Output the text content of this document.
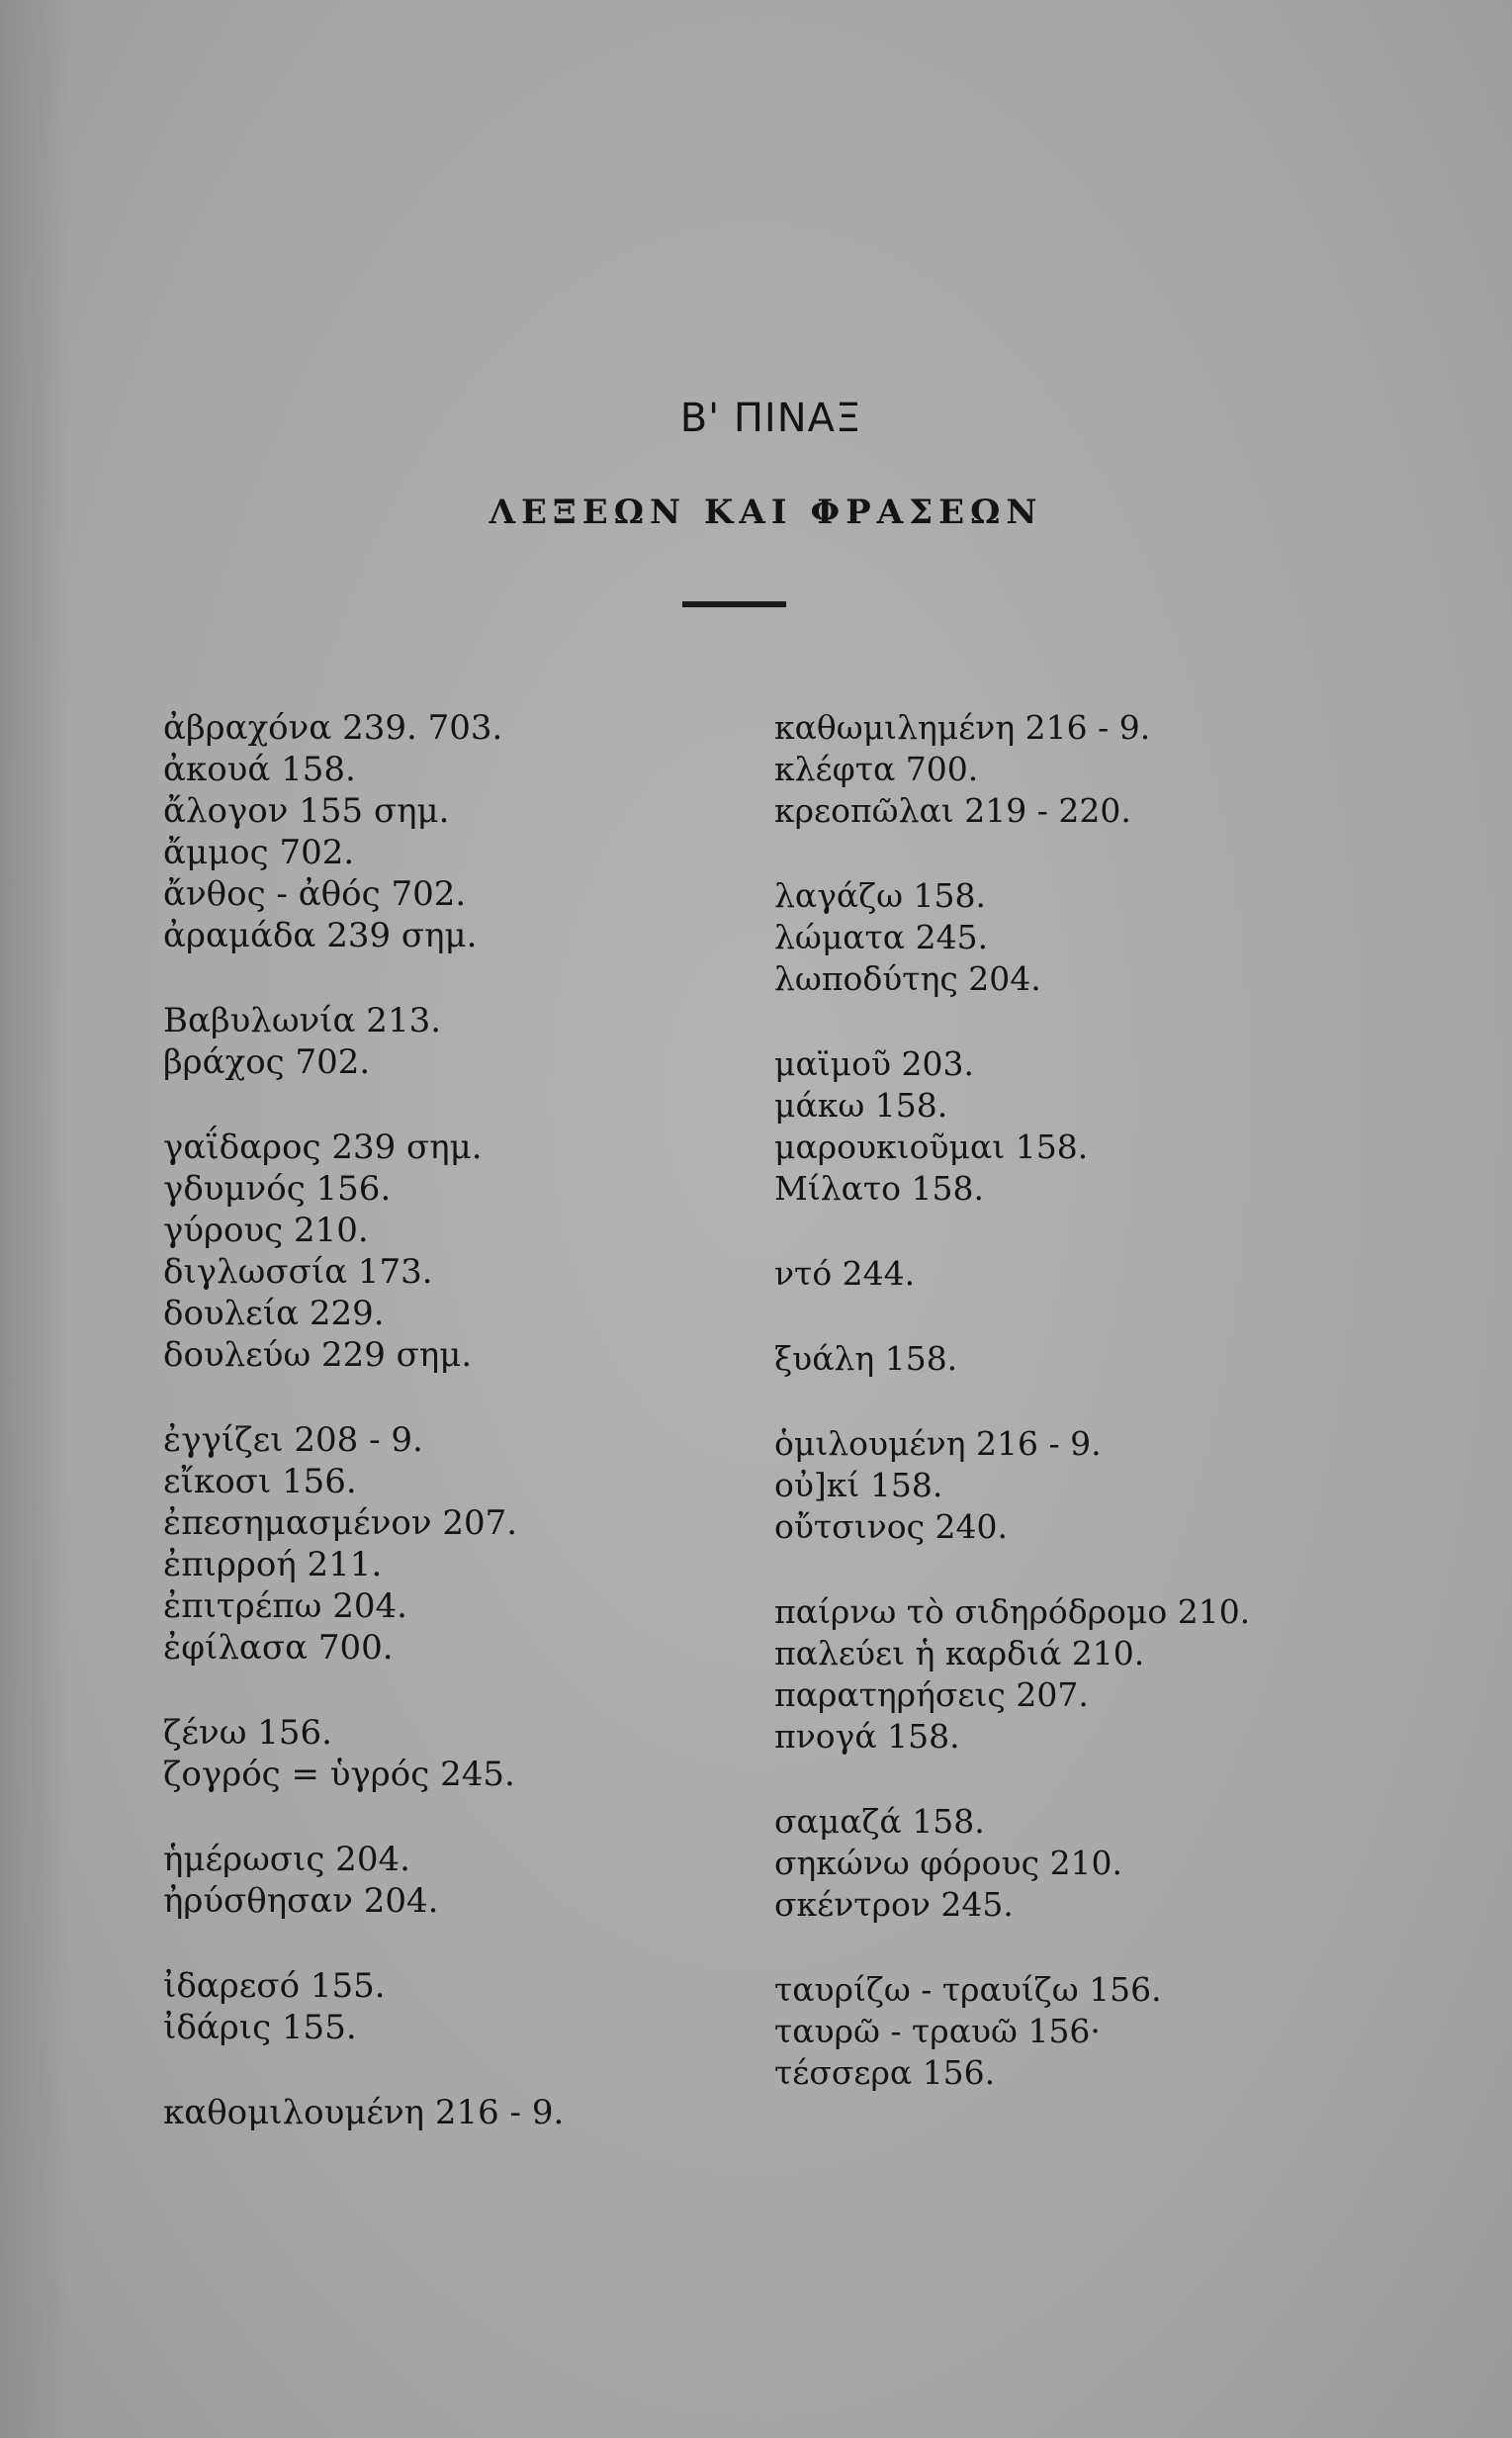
Β' ΠΙΝΑΞ
ΛΕΞΕΩΝ ΚΑΙ ΦΡΑΣΕΩΝ
ἀβραχόνα 239. 703.
ἀκουά 158.
ἄλογον 155 σημ.
ἄμμος 702.
ἄνθος - ἀθός 702.
ἀραμάδα 239 σημ.
Βαβυλωνία 213.
βράχος 702.
γαΐδαρος 239 σημ.
γδυμνός 156.
γύρους 210.
διγλωσσία 173.
δουλεία 229.
δουλεύω 229 σημ.
ἐγγίζει 208 - 9.
εἴκοσι 156.
ἐπεσημασμένον 207.
ἐπιρροή 211.
ἐπιτρέπω 204.
ἐφίλασα 700.
ζένω 156.
ζογρός = ὑγρός 245.
ἡμέρωσις 204.
ἠρύσθησαν 204.
ἰδαρεσό 155.
ἰδάρις 155.
καθομιλουμένη 216 - 9.
καθωμιλημένη 216 - 9.
κλέφτα 700.
κρεοπῶλαι 219 - 220.
λαγάζω 158.
λώματα 245.
λωποδύτης 204.
μαϊμοῦ 203.
μάκω 158.
μαρουκιοῦμαι 158.
Μίλατο 158.
ντό 244.
ξυάλη 158.
ὁμιλουμένη 216 - 9.
οὐ]κί 158.
οὔτσινος 240.
παίρνω τὸ σιδηρόδρομο 210.
παλεύει ἡ καρδιά 210.
παρατηρήσεις 207.
πνογά 158.
σαμαζά 158.
σηκώνω φόρους 210.
σκέντρον 245.
ταυρίζω - τραυίζω 156.
ταυρῶ - τραυῶ 156·
τέσσερα 156.
